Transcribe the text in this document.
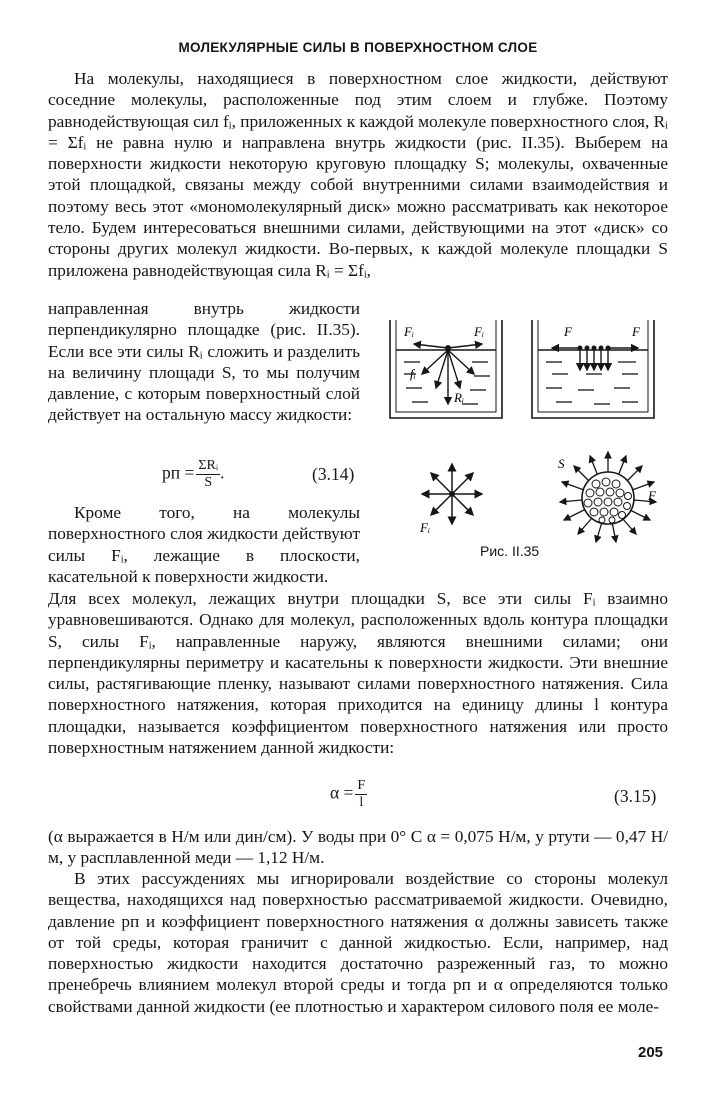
МОЛЕКУЛЯРНЫЕ СИЛЫ В ПОВЕРХНОСТНОМ СЛОЕ

На молекулы, находящиеся в поверхностном слое жидкости, действуют соседние молекулы, расположенные под этим слоем и глубже. Поэтому равнодействующая сил fᵢ, приложенных к каждой молекуле поверхностного слоя, Rᵢ = Σfᵢ не равна нулю и направлена внутрь жидкости (рис. II.35). Выберем на поверхности жидкости некоторую круговую площадку S; молекулы, охваченные этой площадкой, связаны между собой внутренними силами взаимодействия и поэтому весь этот «мономолекулярный диск» можно рассматривать как некоторое тело. Будем интересоваться внешними силами, действующими на этот «диск» со стороны других молекул жидкости. Во-первых, к каждой молекуле площадки S приложена равнодействующая сила Rᵢ = Σfᵢ,

направленная внутрь жидкости перпендикулярно площадке (рис. II.35). Если все эти силы Rᵢ сложить и разделить на величину площади S, то мы получим давление, с которым поверхностный слой действует на остальную массу жидкости:

pп = $\frac{\text{ΣRᵢ}}{S}$ .	(3.14)

Кроме того, на молекулы поверхностного слоя жидкости действуют силы Fᵢ, лежащие в плоскости, касательной к поверхности жидкости.

Для всех молекул, лежащих внутри площадки S, все эти силы Fᵢ взаимно уравновешиваются. Однако для молекул, расположенных вдоль контура площадки S, силы Fᵢ, направленные наружу, являются внешними силами; они перпендикулярны периметру и касательны к поверхности жидкости. Эти внешние силы, растягивающие пленку, называют силами поверхностного натяжения. Сила поверхностного натяжения, которая приходится на единицу длины l контура площадки, называется коэффициентом поверхностного натяжения или просто поверхностным натяжением данной жидкости:

$\alpha = \frac{F}{l}$	(3.15)

(α выражается в Н/м или дин/см). У воды при 0° С α = 0,075 Н/м, у ртути — 0,47 Н/м, у расплавленной меди — 1,12 Н/м.

В этих рассуждениях мы игнорировали воздействие со стороны молекул вещества, находящихся над поверхностью рассматриваемой жидкости. Очевидно, давление pп и коэффициент поверхностного натяжения α должны зависеть также от той среды, которая граничит с данной жидкостью. Если, например, над поверхностью жидкости находится достаточно разреженный газ, то можно пренебречь влиянием молекул второй среды и тогда pп и α определяются только свойствами данной жидкости (ее плотностью и характером силового поля ее моле-

Fᵢ	Fᵢ
fᵢ
Rᵢ
F	F
Fᵢ
S
F
Рис. II.35
205
